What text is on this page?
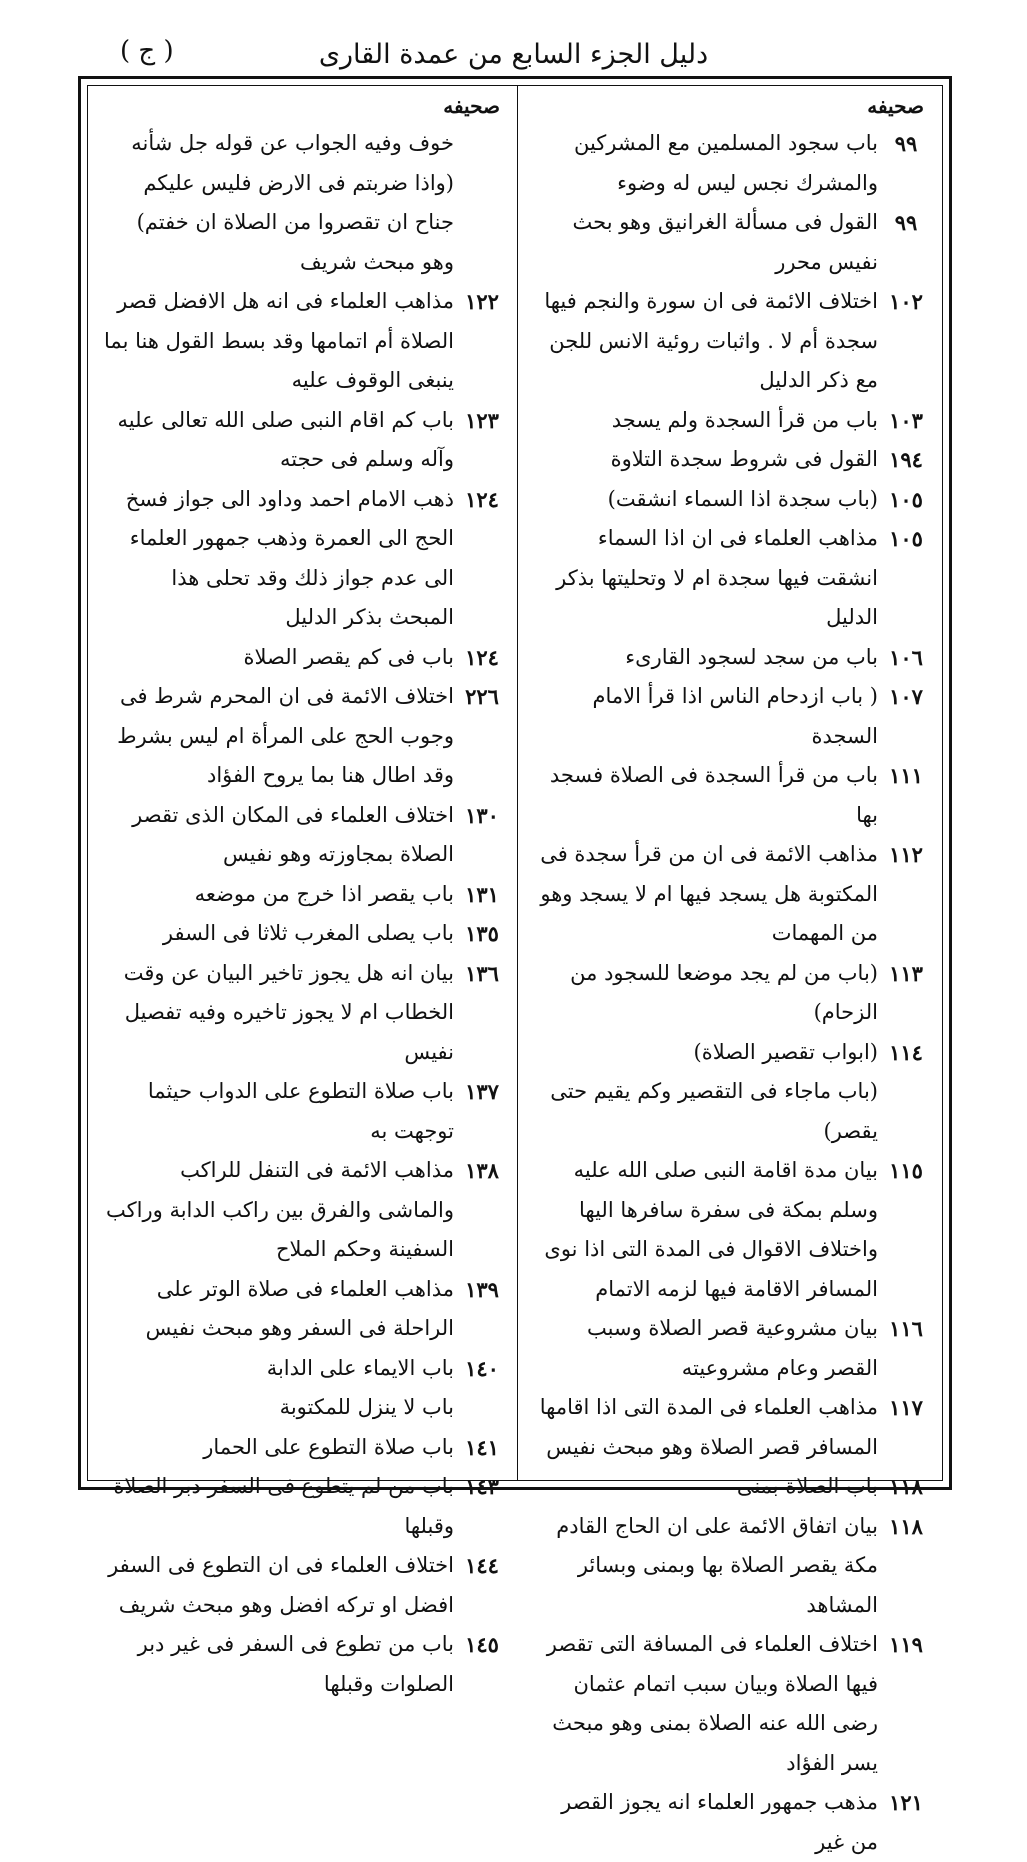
دليل الجزء السابع من عمدة القارى
( ج )
صحيفه
٩٩
باب سجود المسلمين مع المشركين والمشرك نجس ليس له وضوء
٩٩
القول فى مسألة الغرانيق وهو بحث نفيس محرر
١٠٢
اختلاف الائمة فى ان سورة والنجم فيها سجدة أم لا . واثبات روئية الانس للجن مع ذكر الدليل
١٠٣
باب من قرأ السجدة ولم يسجد
١٩٤
القول فى شروط سجدة التلاوة
١٠٥
(باب سجدة اذا السماء انشقت)
١٠٥
مذاهب العلماء فى ان اذا السماء انشقت فيها سجدة ام لا وتحليتها بذكر الدليل
١٠٦
باب من سجد لسجود القارىء
١٠٧
( باب ازدحام الناس اذا قرأ الامام السجدة
١١١
باب من قرأ السجدة فى الصلاة فسجد بها
١١٢
مذاهب الائمة فى ان من قرأ سجدة فى المكتوبة هل يسجد فيها ام لا يسجد وهو من المهمات
١١٣
(باب من لم يجد موضعا للسجود من الزحام)
١١٤
(ابواب تقصير الصلاة)
(باب ماجاء فى التقصير وكم يقيم حتى يقصر)
١١٥
بيان مدة اقامة النبى صلى الله عليه وسلم بمكة فى سفرة سافرها اليها واختلاف الاقوال فى المدة التى اذا نوى المسافر الاقامة فيها لزمه الاتمام
١١٦
بيان مشروعية قصر الصلاة وسبب القصر وعام مشروعيته
١١٧
مذاهب العلماء فى المدة التى اذا اقامها المسافر قصر الصلاة وهو مبحث نفيس
١١٨
باب الصلاة بمنى
١١٨
بيان اتفاق الائمة على ان الحاج القادم مكة يقصر الصلاة بها وبمنى وبسائر المشاهد
١١٩
اختلاف العلماء فى المسافة التى تقصر فيها الصلاة وبيان سبب اتمام عثمان رضى الله عنه الصلاة بمنى وهو مبحث يسر الفؤاد
١٢١
مذهب جمهور العلماء انه يجوز القصر من غير
صحيفه
خوف وفيه الجواب عن قوله جل شأنه (واذا ضربتم فى الارض فليس عليكم جناح ان تقصروا من الصلاة ان خفتم) وهو مبحث شريف
١٢٢
مذاهب العلماء فى انه هل الافضل قصر الصلاة أم اتمامها وقد بسط القول هنا بما ينبغى الوقوف عليه
١٢٣
باب كم اقام النبى صلى الله تعالى عليه وآله وسلم فى حجته
١٢٤
ذهب الامام احمد وداود الى جواز فسخ الحج الى العمرة وذهب جمهور العلماء الى عدم جواز ذلك وقد تحلى هذا المبحث بذكر الدليل
١٢٤
باب فى كم يقصر الصلاة
٢٢٦
اختلاف الائمة فى ان المحرم شرط فى وجوب الحج على المرأة ام ليس بشرط وقد اطال هنا بما يروح الفؤاد
١٣٠
اختلاف العلماء فى المكان الذى تقصر الصلاة بمجاوزته وهو نفيس
١٣١
باب يقصر اذا خرج من موضعه
١٣٥
باب يصلى المغرب ثلاثا فى السفر
١٣٦
بيان انه هل يجوز تاخير البيان عن وقت الخطاب ام لا يجوز تاخيره وفيه تفصيل نفيس
١٣٧
باب صلاة التطوع على الدواب حيثما توجهت به
١٣٨
مذاهب الائمة فى التنفل للراكب والماشى والفرق بين راكب الدابة وراكب السفينة وحكم الملاح
١٣٩
مذاهب العلماء فى صلاة الوتر على الراحلة فى السفر وهو مبحث نفيس
١٤٠
باب الايماء على الدابة
باب لا ينزل للمكتوبة
١٤١
باب صلاة التطوع على الحمار
١٤٣
باب من لم يتطوع فى السفر دبر الصلاة وقبلها
١٤٤
اختلاف العلماء فى ان التطوع فى السفر افضل او تركه افضل وهو مبحث شريف
١٤٥
باب من تطوع فى السفر فى غير دبر الصلوات وقبلها
